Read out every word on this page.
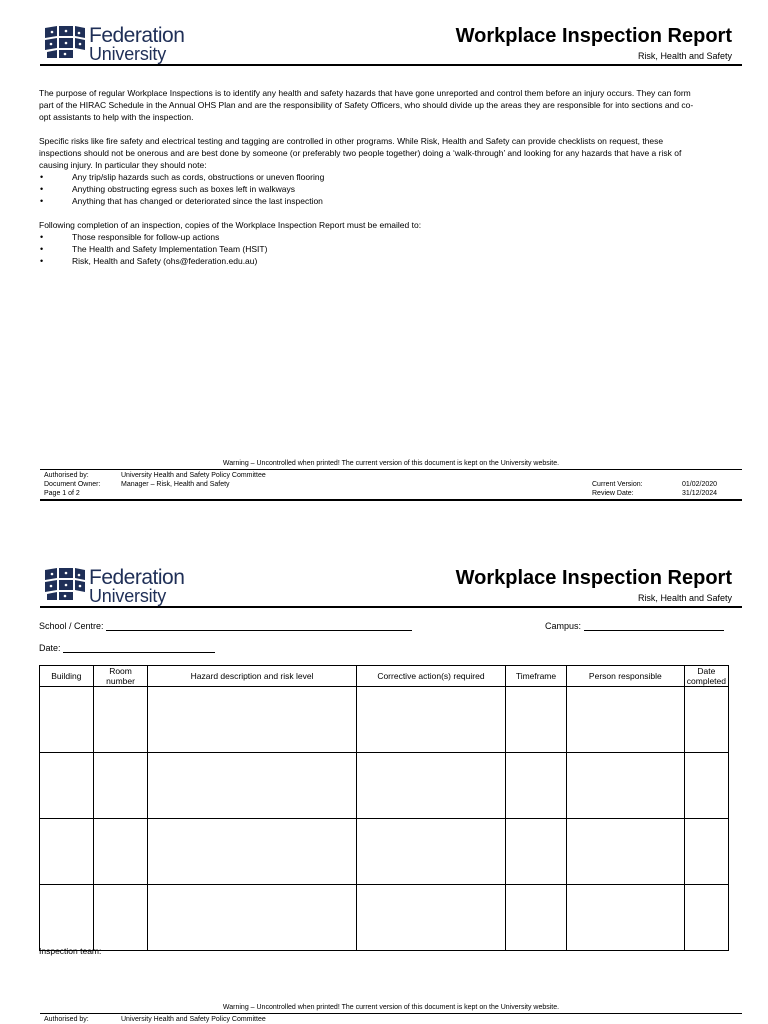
Federation
University
Workplace Inspection Report
Risk, Health and Safety

The purpose of regular Workplace Inspections is to identify any health and safety hazards that have gone unreported and control them before an injury occurs. They can form part of the HIRAC Schedule in the Annual OHS Plan and are the responsibility of Safety Officers, who should divide up the areas they are responsible for into sections and co-opt assistants to help with the inspection.

Specific risks like fire safety and electrical testing and tagging are controlled in other programs. While Risk, Health and Safety can provide checklists on request, these inspections should not be onerous and are best done by someone (or preferably two people together) doing a ‘walk-through’ and looking for any hazards that have a risk of causing injury. In particular they should note:

• Any trip/slip hazards such as cords, obstructions or uneven flooring
• Anything obstructing egress such as boxes left in walkways
• Anything that has changed or deteriorated since the last inspection

Following completion of an inspection, copies of the Workplace Inspection Report must be emailed to:

• Those responsible for follow-up actions
• The Health and Safety Implementation Team (HSIT)
• Risk, Health and Safety (ohs@federation.edu.au)
Warning – Uncontrolled when printed! The current version of this document is kept on the University website.
Authorised by:	University Health and Safety Policy Committee
Document Owner:	Manager – Risk, Health and Safety	Current Version:	01/02/2020
Page 1 of 2	Review Date:	31/12/2024
Federation
University
Workplace Inspection Report
Risk, Health and Safety
School / Centre:	Campus:
Date:
Building	Room number	Hazard description and risk level	Corrective action(s) required	Timeframe	Person responsible	Date completed

Inspection team:
Warning – Uncontrolled when printed! The current version of this document is kept on the University website.
Authorised by:	University Health and Safety Policy Committee
